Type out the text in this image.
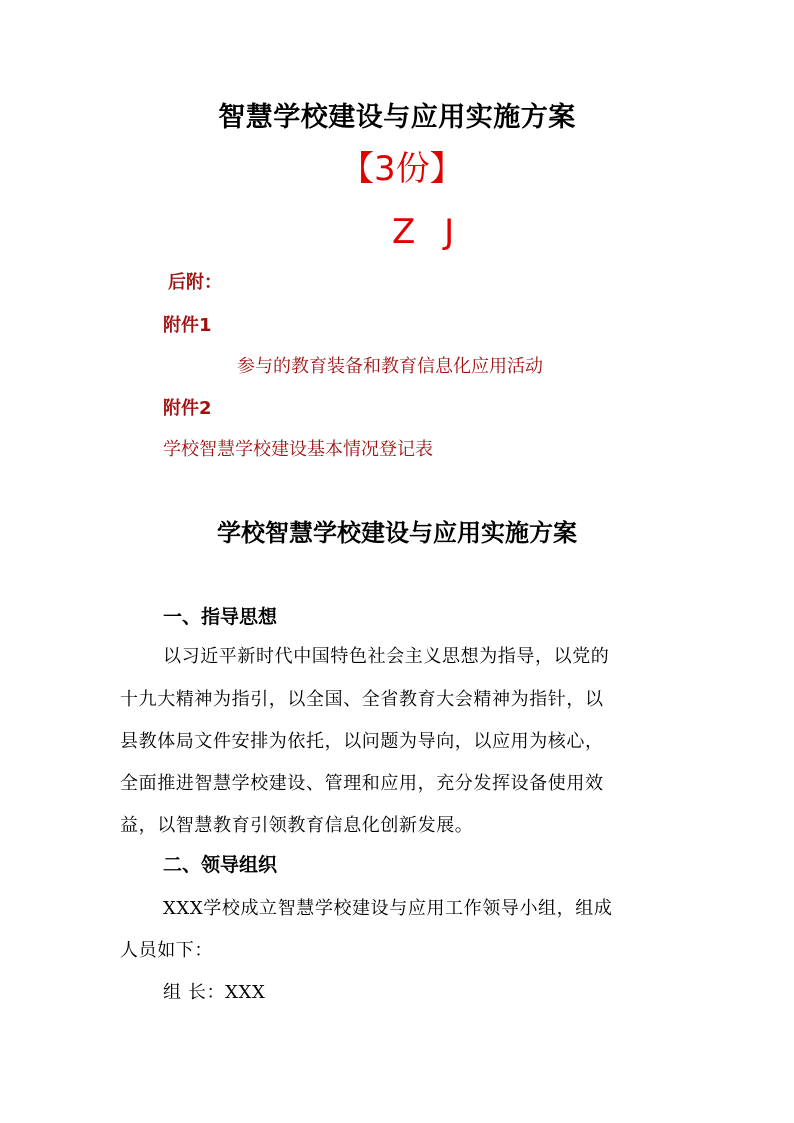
智慧学校建设与应用实施方案
【3份】
Z J
后附：
附件1
参与的教育装备和教育信息化应用活动
附件2
学校智慧学校建设基本情况登记表
学校智慧学校建设与应用实施方案
一、指导思想

以习近平新时代中国特色社会主义思想为指导，以党的

十九大精神为指引，以全国、全省教育大会精神为指针，以

县教体局文件安排为依托，以问题为导向，以应用为核心，

全面推进智慧学校建设、管理和应用，充分发挥设备使用效

益，以智慧教育引领教育信息化创新发展。

二、领导组织

XXX学校成立智慧学校建设与应用工作领导小组，组成

人员如下：

组 长：XXX
